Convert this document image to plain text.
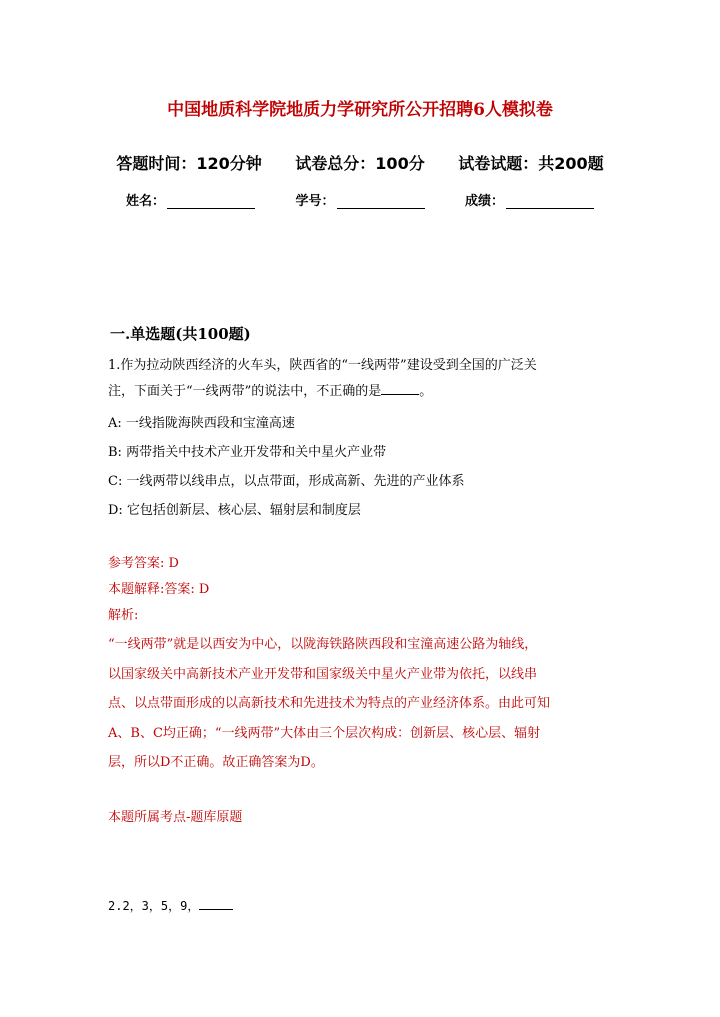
中国地质科学院地质力学研究所公开招聘6人模拟卷
答题时间：120分钟 试卷总分：100分 试卷试题：共200题
姓名：	学号：	成绩：
一.单选题(共100题)
1.作为拉动陕西经济的火车头，陕西省的“一线两带”建设受到全国的广泛关
注，下面关于“一线两带”的说法中，不正确的是	。
A: 一线指陇海陕西段和宝潼高速
B: 两带指关中技术产业开发带和关中星火产业带
C: 一线两带以线串点，以点带面，形成高新、先进的产业体系
D: 它包括创新层、核心层、辐射层和制度层
参考答案: D
本题解释:答案: D
解析:
“一线两带”就是以西安为中心，以陇海铁路陕西段和宝潼高速公路为轴线，
以国家级关中高新技术产业开发带和国家级关中星火产业带为依托，以线串
点、以点带面形成的以高新技术和先进技术为特点的产业经济体系。由此可知
A、B、C均正确；“一线两带”大体由三个层次构成：创新层、核心层、辐射
层，所以D不正确。故正确答案为D。
本题所属考点-题库原题
2.2，3，5，9，
